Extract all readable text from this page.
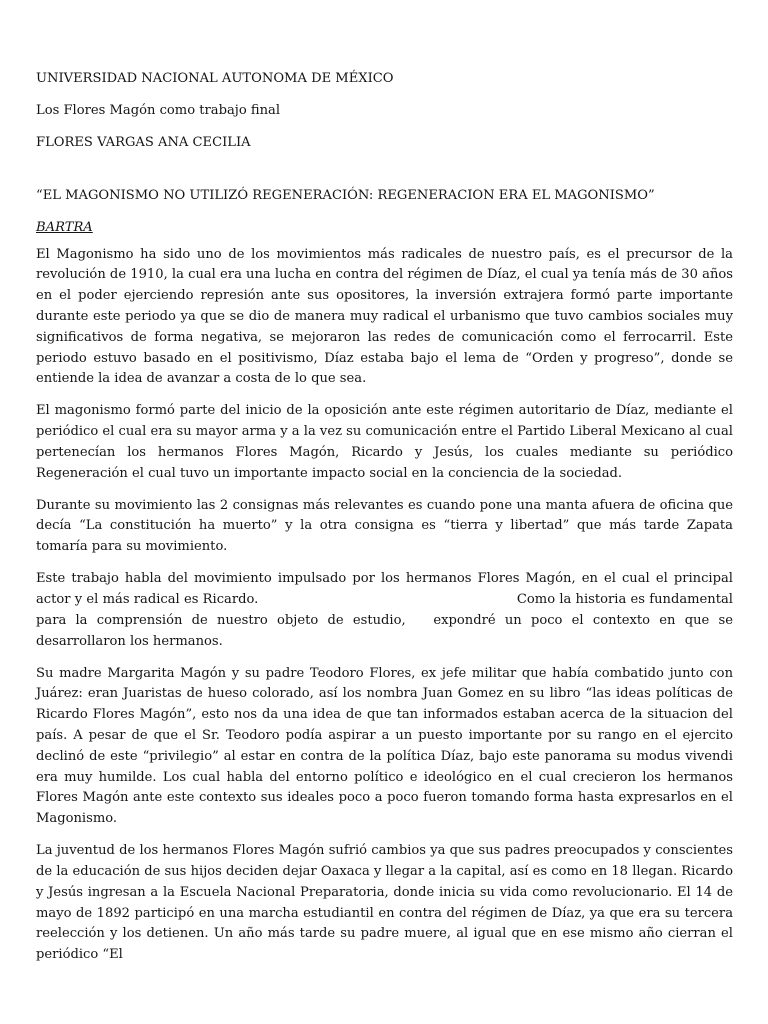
UNIVERSIDAD NACIONAL AUTONOMA DE MÉXICO

Los Flores Magón como trabajo final

FLORES VARGAS ANA CECILIA

“EL MAGONISMO NO UTILIZÓ REGENERACIÓN: REGENERACION ERA EL MAGONISMO”

BARTRA

El Magonismo ha sido uno de los movimientos más radicales de nuestro país, es el precursor de la revolución de 1910, la cual era una lucha en contra del régimen de Díaz, el cual ya tenía más de 30 años en el poder ejerciendo represión ante sus opositores, la inversión extrajera formó parte importante durante este periodo ya que se dio de manera muy radical el urbanismo que tuvo cambios sociales muy significativos de forma negativa, se mejoraron las redes de comunicación como el ferrocarril. Este periodo estuvo basado en el positivismo, Díaz estaba bajo el lema de “Orden y progreso”, donde se entiende la idea de avanzar a costa de lo que sea.

El magonismo formó parte del inicio de la oposición ante este régimen autoritario de Díaz, mediante el periódico el cual era su mayor arma y a la vez su comunicación entre el Partido Liberal Mexicano al cual pertenecían los hermanos Flores Magón, Ricardo y Jesús, los cuales mediante su periódico Regeneración el cual tuvo un importante impacto social en la conciencia de la sociedad.

Durante su movimiento las 2 consignas más relevantes es cuando pone una manta afuera de oficina que decía “La constitución ha muerto” y la otra consigna es “tierra y libertad” que más tarde Zapata tomaría para su movimiento.

Este trabajo habla del movimiento impulsado por los hermanos Flores Magón, en el cual el principal actor y el más radical es Ricardo.                                                             Como la historia es fundamental para la comprensión de nuestro objeto de estudio,   expondré un poco el contexto en que se desarrollaron los hermanos.

Su madre Margarita Magón y su padre Teodoro Flores, ex jefe militar que había combatido junto con Juárez: eran Juaristas de hueso colorado, así los nombra Juan Gomez en su libro “las ideas políticas de Ricardo Flores Magón”, esto nos da una idea de que tan informados estaban acerca de la situacion del país. A pesar de que el Sr. Teodoro podía aspirar a un puesto importante por su rango en el ejercito declinó de este “privilegio” al estar en contra de la política Díaz, bajo este panorama su modus vivendi era muy humilde. Los cual habla del entorno político e ideológico en el cual crecieron los hermanos Flores Magón ante este contexto sus ideales poco a poco fueron tomando forma hasta expresarlos en el Magonismo.

La juventud de los hermanos Flores Magón sufrió cambios ya que sus padres preocupados y conscientes de la educación de sus hijos deciden dejar Oaxaca y llegar a la capital, así es como en 18 llegan. Ricardo y Jesús ingresan a la Escuela Nacional Preparatoria, donde inicia su vida como revolucionario. El 14 de mayo de 1892 participó en una marcha estudiantil en contra del régimen de Díaz, ya que era su tercera reelección y los detienen. Un año más tarde su padre muere, al igual que en ese mismo año cierran el periódico “El
